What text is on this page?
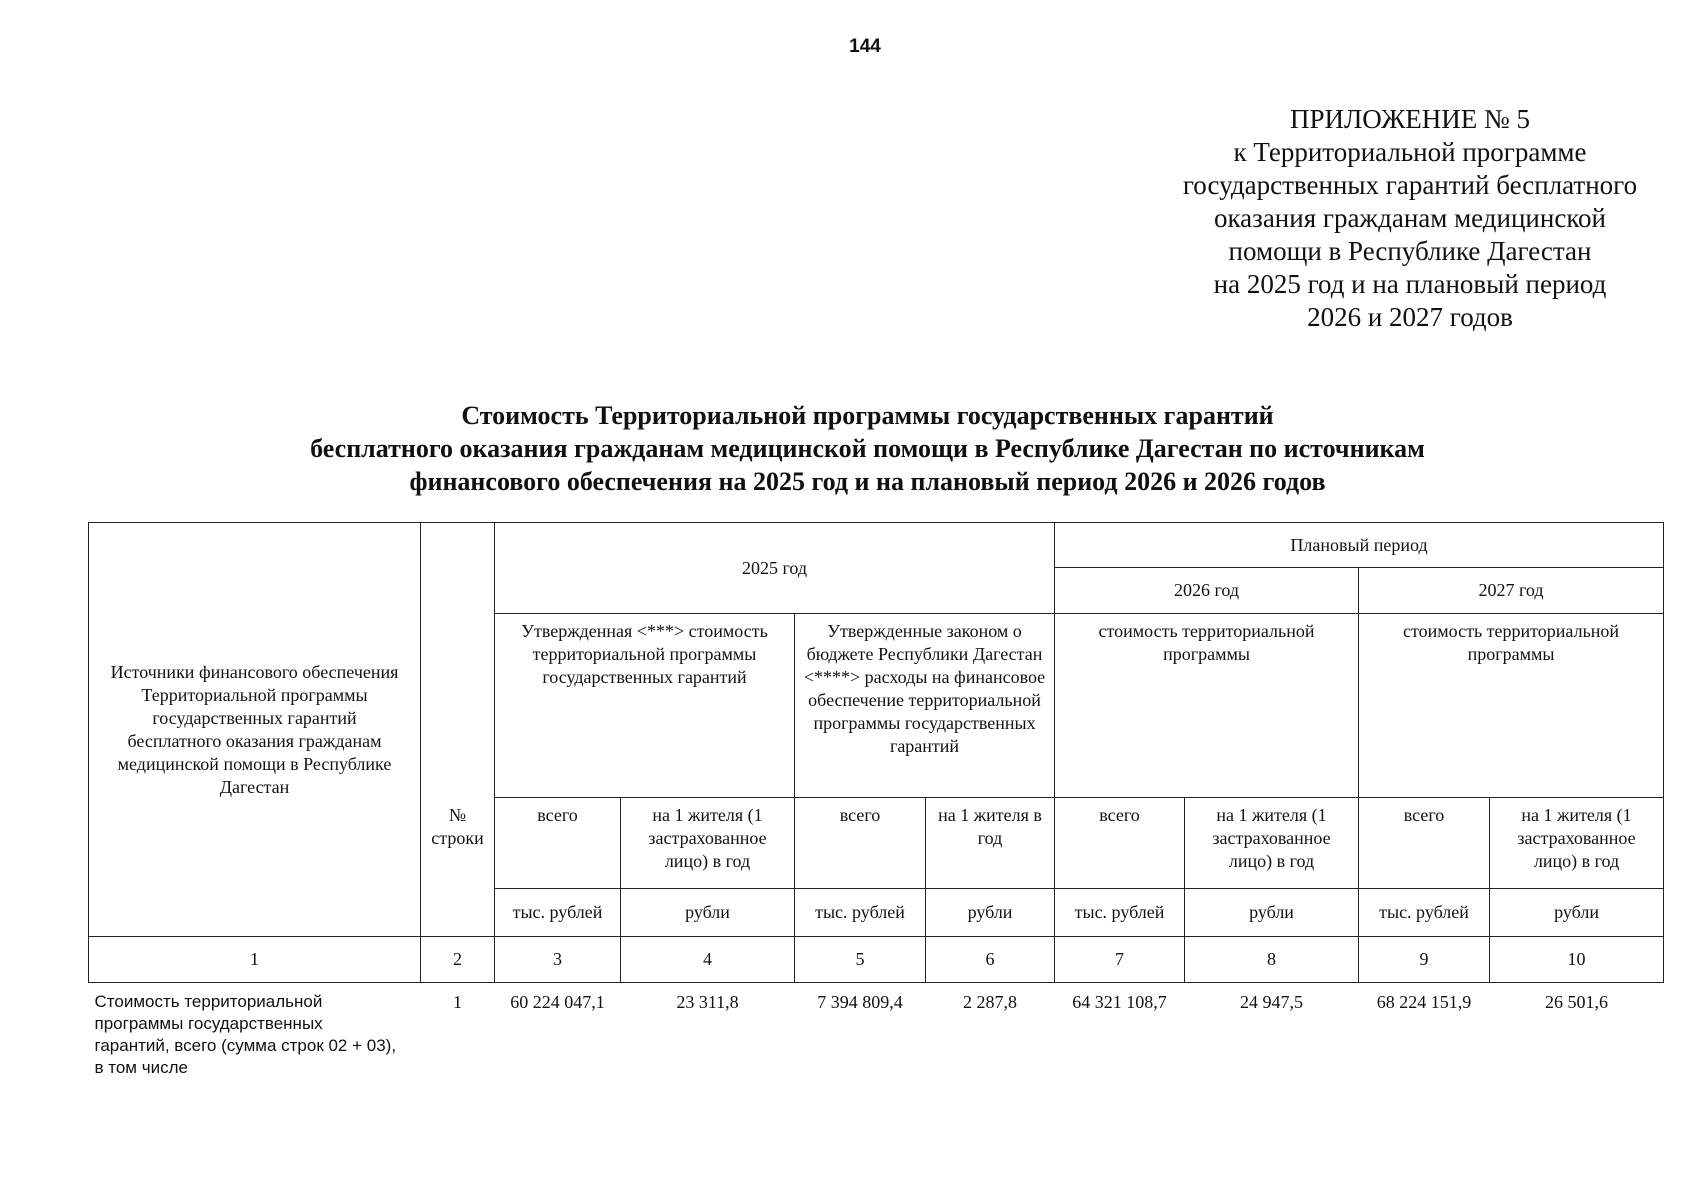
144
ПРИЛОЖЕНИЕ № 5
к Территориальной программе
государственных гарантий бесплатного
оказания гражданам медицинской
помощи в Республике Дагестан
на 2025 год и на плановый период
2026 и 2027 годов
Стоимость Территориальной программы государственных гарантий
бесплатного оказания гражданам медицинской помощи в Республике Дагестан по источникам
финансового обеспечения на 2025 год и на плановый период 2026 и 2026 годов
Источники финансового обеспечения Территориальной программы государственных гарантий бесплатного оказания гражданам медицинской помощи в Республике Дагестан	№ строки	2025 год				Плановый период			
						2026 год		2027 год	
		Утвержденная <***> стоимость территориальной программы государственных гарантий		Утвержденные законом о бюджете Республики Дагестан <****> расходы на финансовое обеспечение территориальной программы государственных гарантий		стоимость территориальной программы		стоимость территориальной программы	
		всего	на 1 жителя (1 застрахованное лицо) в год	всего	на 1 жителя в год	всего	на 1 жителя (1 застрахованное лицо) в год	всего	на 1 жителя (1 застрахованное лицо) в год
		тыс. рублей	рубли	тыс. рублей	рубли	тыс. рублей	рубли	тыс. рублей	рубли
1	2	3	4	5	6	7	8	9	10
Стоимость территориальной программы государственных гарантий, всего (сумма строк 02 + 03), в том числе	1	60 224 047,1	23 311,8	7 394 809,4	2 287,8	64 321 108,7	24 947,5	68 224 151,9	26 501,6
